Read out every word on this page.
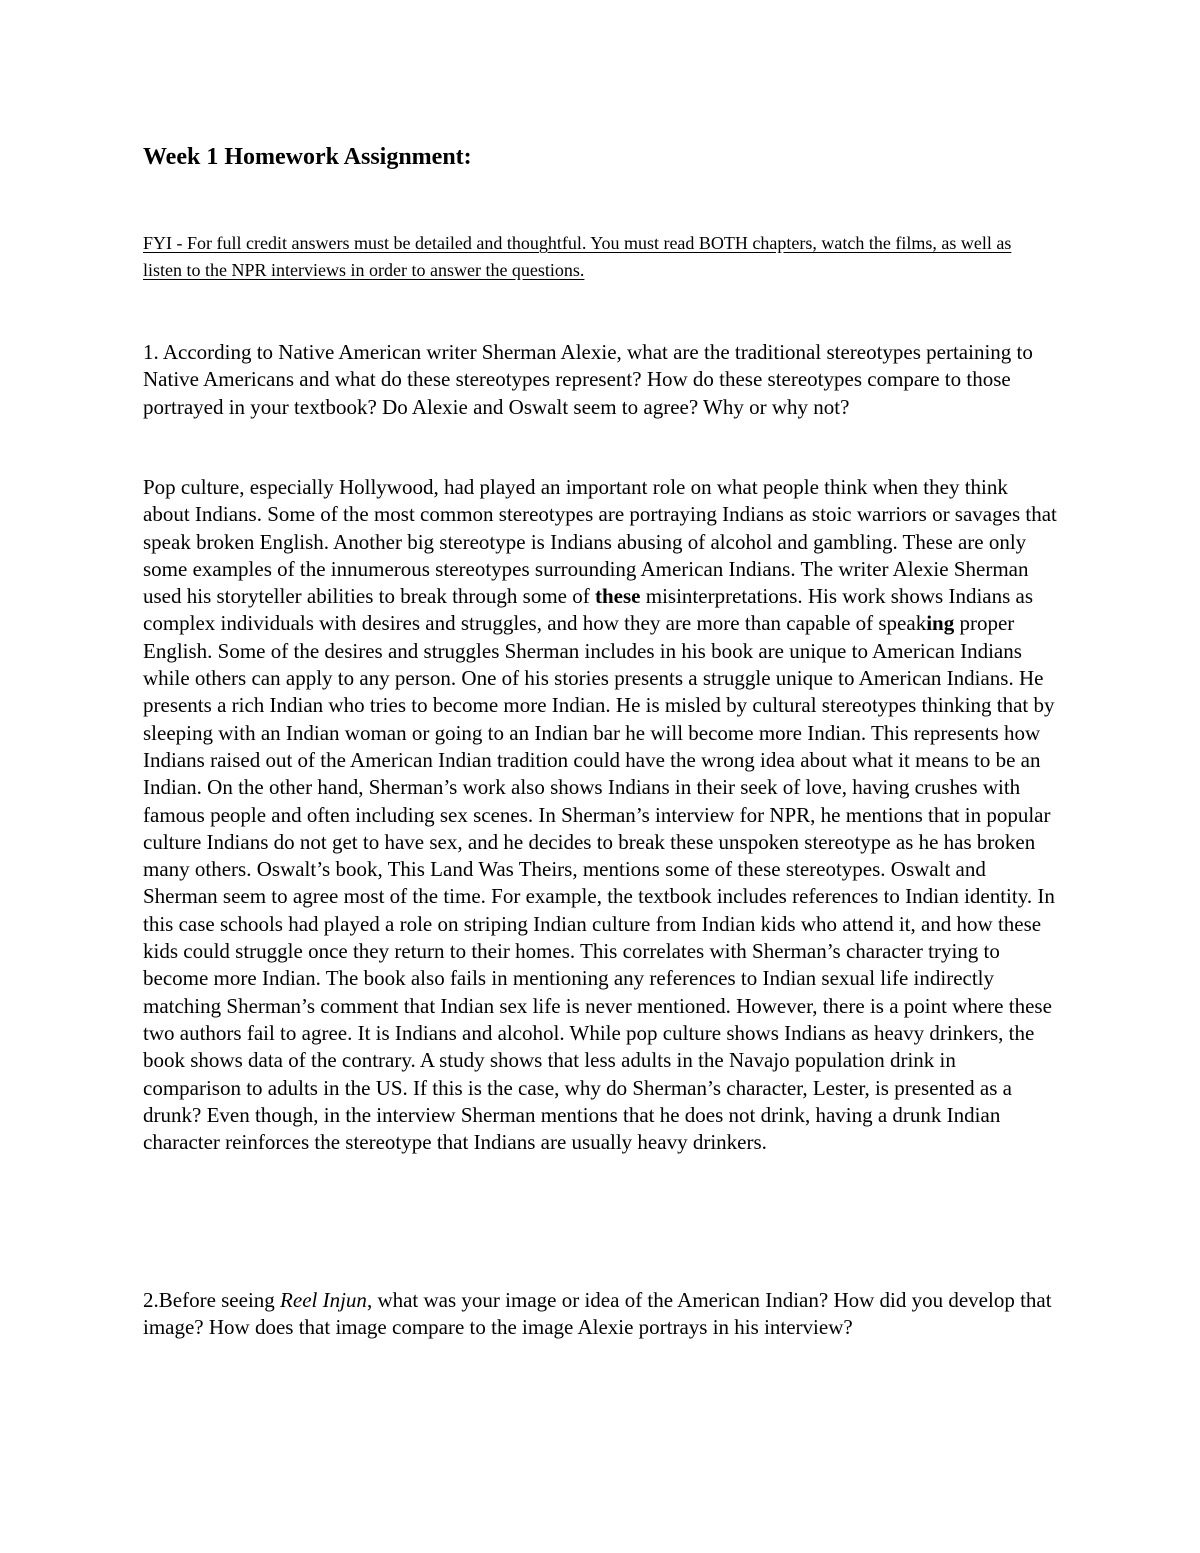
Week 1 Homework Assignment:

FYI - For full credit answers must be detailed and thoughtful. You must read BOTH chapters, watch the films, as well as listen to the NPR interviews in order to answer the questions.

1. According to Native American writer Sherman Alexie, what are the traditional stereotypes pertaining to Native Americans and what do these stereotypes represent? How do these stereotypes compare to those portrayed in your textbook? Do Alexie and Oswalt seem to agree? Why or why not?

Pop culture, especially Hollywood, had played an important role on what people think when they think about Indians. Some of the most common stereotypes are portraying Indians as stoic warriors or savages that speak broken English. Another big stereotype is Indians abusing of alcohol and gambling. These are only some examples of the innumerous stereotypes surrounding American Indians. The writer Alexie Sherman used his storyteller abilities to break through some of these misinterpretations. His work shows Indians as complex individuals with desires and struggles, and how they are more than capable of speaking proper English. Some of the desires and struggles Sherman includes in his book are unique to American Indians while others can apply to any person. One of his stories presents a struggle unique to American Indians. He presents a rich Indian who tries to become more Indian. He is misled by cultural stereotypes thinking that by sleeping with an Indian woman or going to an Indian bar he will become more Indian. This represents how Indians raised out of the American Indian tradition could have the wrong idea about what it means to be an Indian. On the other hand, Sherman’s work also shows Indians in their seek of love, having crushes with famous people and often including sex scenes. In Sherman’s interview for NPR, he mentions that in popular culture Indians do not get to have sex, and he decides to break these unspoken stereotype as he has broken many others. Oswalt’s book, This Land Was Theirs, mentions some of these stereotypes. Oswalt and Sherman seem to agree most of the time. For example, the textbook includes references to Indian identity. In this case schools had played a role on striping Indian culture from Indian kids who attend it, and how these kids could struggle once they return to their homes. This correlates with Sherman’s character trying to become more Indian. The book also fails in mentioning any references to Indian sexual life indirectly matching Sherman’s comment that Indian sex life is never mentioned. However, there is a point where these two authors fail to agree. It is Indians and alcohol. While pop culture shows Indians as heavy drinkers, the book shows data of the contrary. A study shows that less adults in the Navajo population drink in comparison to adults in the US. If this is the case, why do Sherman’s character, Lester, is presented as a drunk? Even though, in the interview Sherman mentions that he does not drink, having a drunk Indian character reinforces the stereotype that Indians are usually heavy drinkers.

2.Before seeing Reel Injun, what was your image or idea of the American Indian? How did you develop that image? How does that image compare to the image Alexie portrays in his interview?
